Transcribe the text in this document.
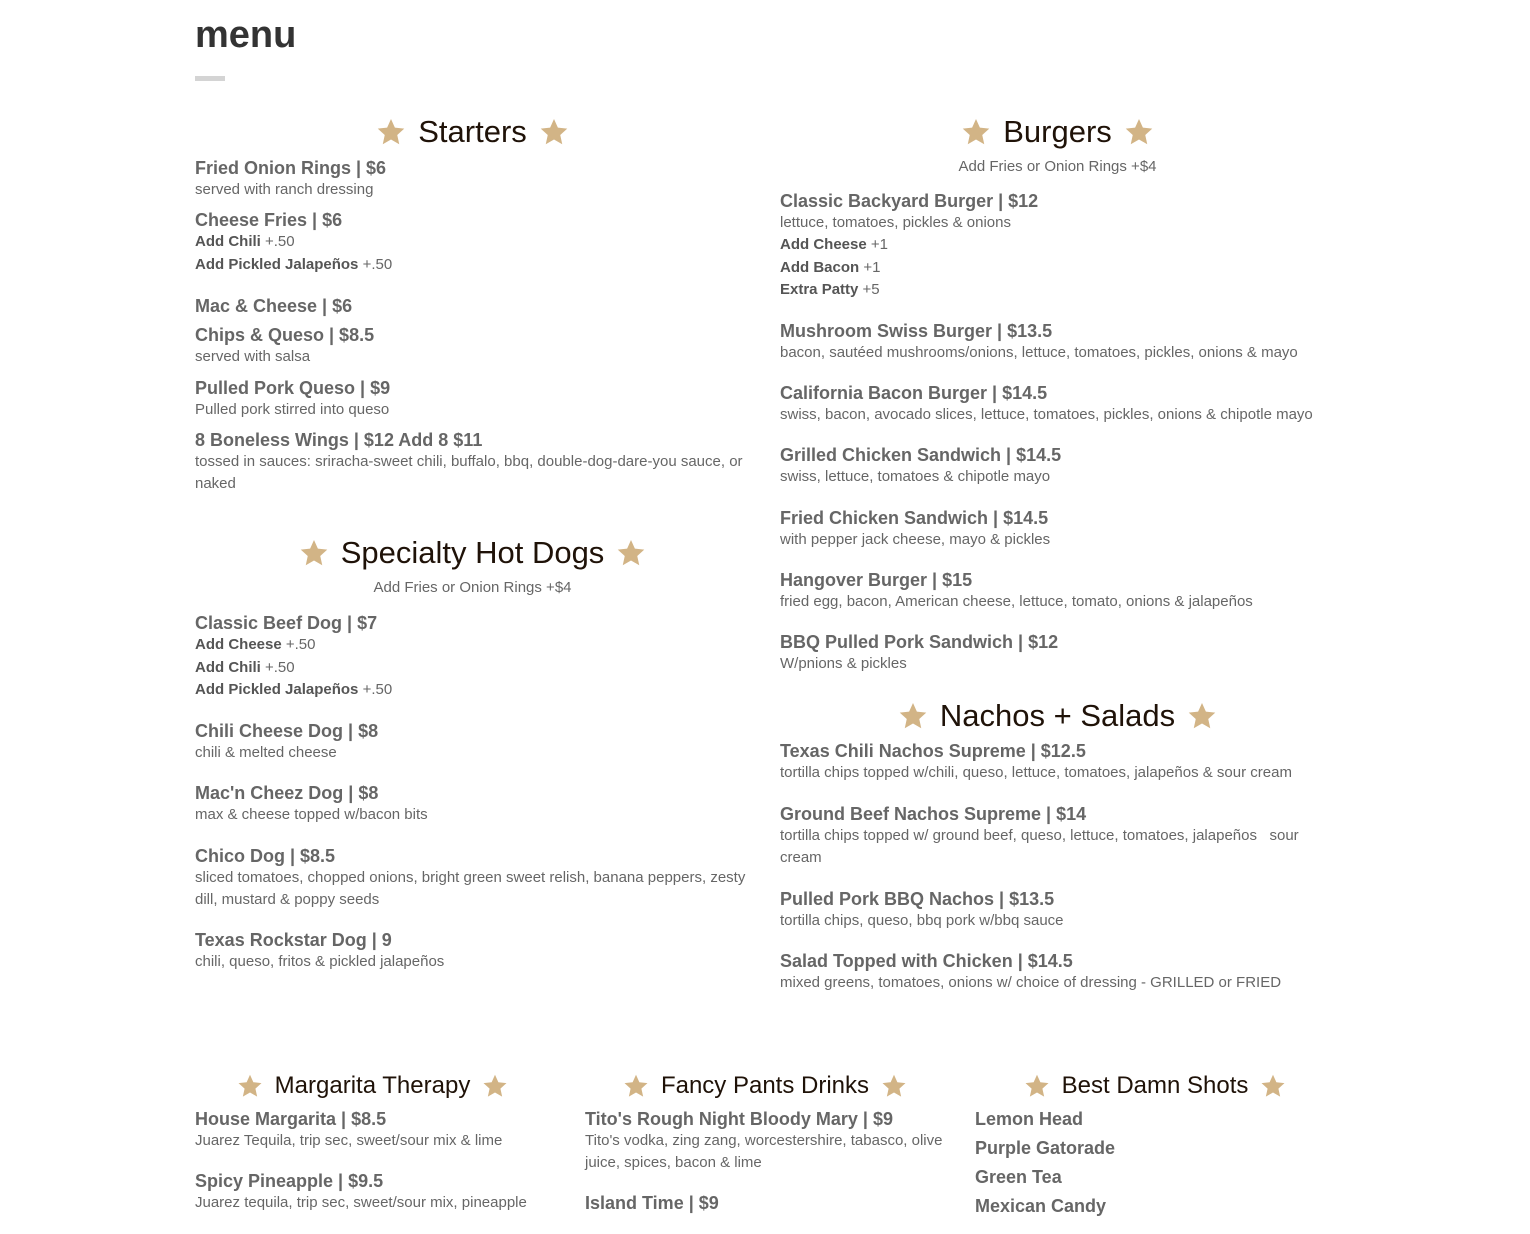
menu
Starters
Fried Onion Rings | $6
served with ranch dressing
Cheese Fries | $6
Add Chili +.50
Add Pickled Jalapeños +.50
Mac & Cheese | $6
Chips & Queso | $8.5
served with salsa
Pulled Pork Queso | $9
Pulled pork stirred into queso
8 Boneless Wings | $12 Add 8 $11
tossed in sauces: sriracha-sweet chili, buffalo, bbq, double-dog-dare-you sauce, or naked
Specialty Hot Dogs
Add Fries or Onion Rings +$4
Classic Beef Dog | $7
Add Cheese +.50
Add Chili +.50
Add Pickled Jalapeños +.50
Chili Cheese Dog | $8
chili & melted cheese
Mac'n Cheez Dog | $8
max & cheese topped w/bacon bits
Chico Dog | $8.5
sliced tomatoes, chopped onions, bright green sweet relish, banana peppers, zesty dill, mustard & poppy seeds
Texas Rockstar Dog | 9
chili, queso, fritos & pickled jalapeños
Burgers
Add Fries or Onion Rings +$4
Classic Backyard Burger | $12
lettuce, tomatoes, pickles & onions
Add Cheese +1
Add Bacon +1
Extra Patty +5
Mushroom Swiss Burger | $13.5
bacon, sautéed mushrooms/onions, lettuce, tomatoes, pickles, onions & mayo
California Bacon Burger | $14.5
swiss, bacon, avocado slices, lettuce, tomatoes, pickles, onions & chipotle mayo
Grilled Chicken Sandwich | $14.5
swiss, lettuce, tomatoes & chipotle mayo
Fried Chicken Sandwich | $14.5
with pepper jack cheese, mayo & pickles
Hangover Burger | $15
fried egg, bacon, American cheese, lettuce, tomato, onions & jalapeños
BBQ Pulled Pork Sandwich | $12
W/pnions & pickles
Nachos + Salads
Texas Chili Nachos Supreme | $12.5
tortilla chips topped w/chili, queso, lettuce, tomatoes, jalapeños & sour cream
Ground Beef Nachos Supreme | $14
tortilla chips topped w/ ground beef, queso, lettuce, tomatoes, jalapeños   sour cream
Pulled Pork BBQ Nachos | $13.5
tortilla chips, queso, bbq pork w/bbq sauce
Salad Topped with Chicken | $14.5
mixed greens, tomatoes, onions w/ choice of dressing - GRILLED or FRIED
Margarita Therapy
House Margarita | $8.5
Juarez Tequila, trip sec, sweet/sour mix & lime
Spicy Pineapple | $9.5
Juarez tequila, trip sec, sweet/sour mix, pineapple
Fancy Pants Drinks
Tito's Rough Night Bloody Mary | $9
Tito's vodka, zing zang, worcestershire, tabasco, olive juice, spices, bacon & lime
Island Time | $9
Best Damn Shots
Lemon Head
Purple Gatorade
Green Tea
Mexican Candy
